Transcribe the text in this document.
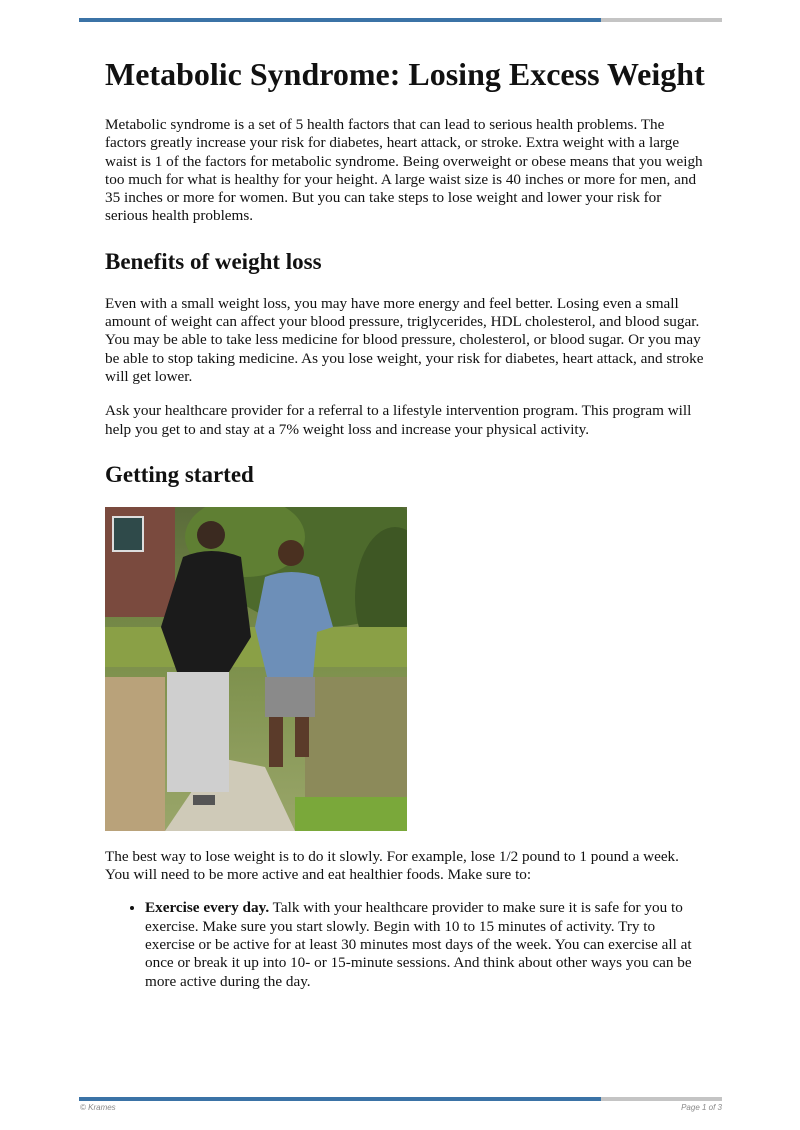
Metabolic Syndrome: Losing Excess Weight

Metabolic syndrome is a set of 5 health factors that can lead to serious health problems. The factors greatly increase your risk for diabetes, heart attack, or stroke. Extra weight with a large waist is 1 of the factors for metabolic syndrome. Being overweight or obese means that you weigh too much for what is healthy for your height. A large waist size is 40 inches or more for men, and 35 inches or more for women. But you can take steps to lose weight and lower your risk for serious health problems.

Benefits of weight loss

Even with a small weight loss, you may have more energy and feel better. Losing even a small amount of weight can affect your blood pressure, triglycerides, HDL cholesterol, and blood sugar. You may be able to take less medicine for blood pressure, cholesterol, or blood sugar. Or you may be able to stop taking medicine. As you lose weight, your risk for diabetes, heart attack, and stroke will get lower.

Ask your healthcare provider for a referral to a lifestyle intervention program. This program will help you get to and stay at a 7% weight loss and increase your physical activity.

Getting started

The best way to lose weight is to do it slowly. For example, lose 1/2 pound to 1 pound a week. You will need to be more active and eat healthier foods. Make sure to:

• Exercise every day. Talk with your healthcare provider to make sure it is safe for you to exercise. Make sure you start slowly. Begin with 10 to 15 minutes of activity. Try to exercise or be active for at least 30 minutes most days of the week. You can exercise all at once or break it up into 10- or 15-minute sessions. And think about other ways you can be more active during the day.
© Krames	Page 1 of 3
